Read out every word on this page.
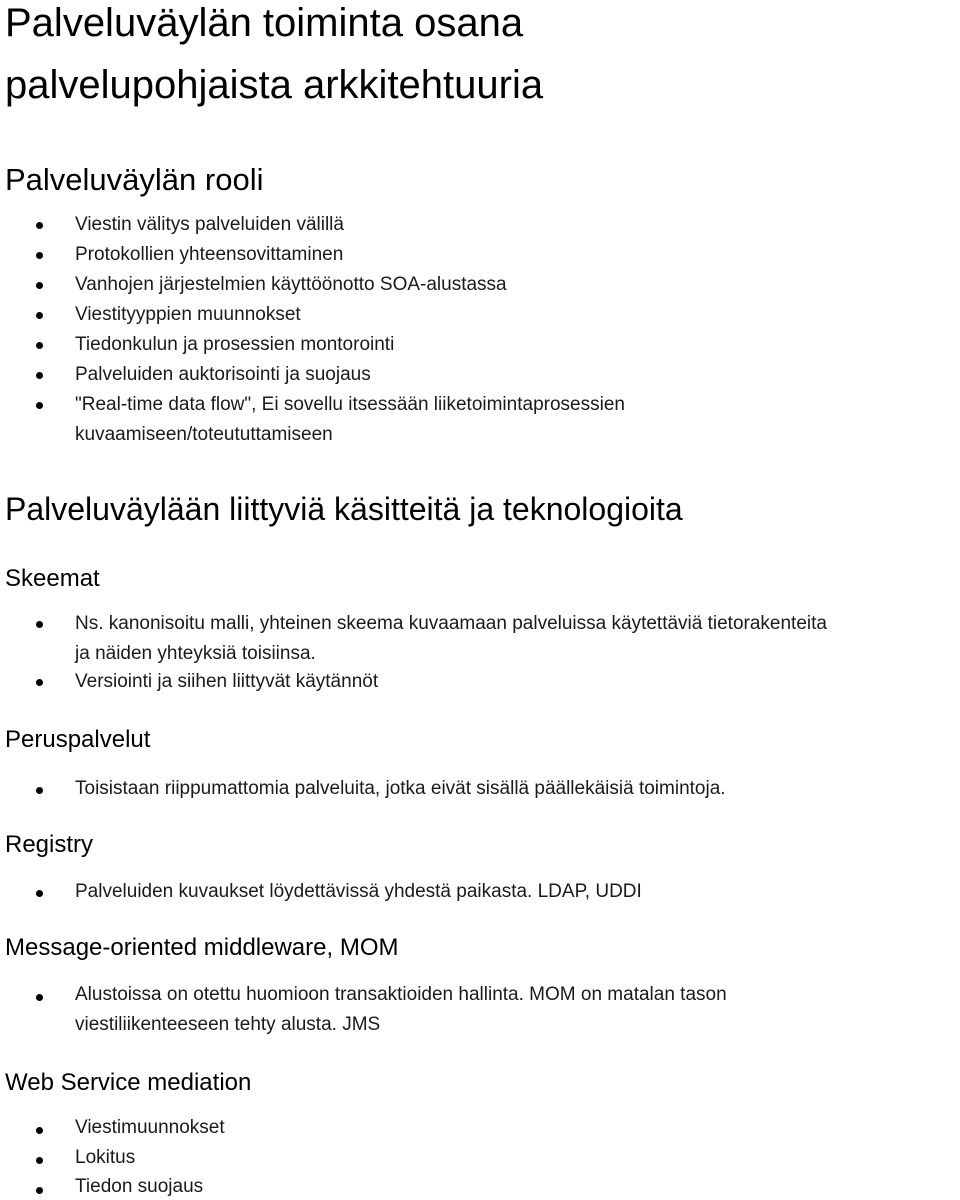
Palveluväylän toiminta osana
palvelupohjaista arkkitehtuuria
Palveluväylän rooli
Viestin välitys palveluiden välillä
Protokollien yhteensovittaminen
Vanhojen järjestelmien käyttöönotto SOA-alustassa
Viestityyppien muunnokset
Tiedonkulun ja prosessien montorointi
Palveluiden auktorisointi ja suojaus
"Real-time data flow", Ei sovellu itsessään liiketoimintaprosessien
kuvaamiseen/toteututtamiseen
Palveluväylään liittyviä käsitteitä ja teknologioita
Skeemat
Ns. kanonisoitu malli, yhteinen skeema kuvaamaan palveluissa käytettäviä tietorakenteita
ja näiden yhteyksiä toisiinsa.
Versiointi ja siihen liittyvät käytännöt
Peruspalvelut
Toisistaan riippumattomia palveluita, jotka eivät sisällä päällekäisiä toimintoja.
Registry
Palveluiden kuvaukset löydettävissä yhdestä paikasta. LDAP, UDDI
Message-oriented middleware, MOM
Alustoissa on otettu huomioon transaktioiden hallinta. MOM on matalan tason
viestiliikenteeseen tehty alusta. JMS
Web Service mediation
Viestimuunnokset
Lokitus
Tiedon suojaus
